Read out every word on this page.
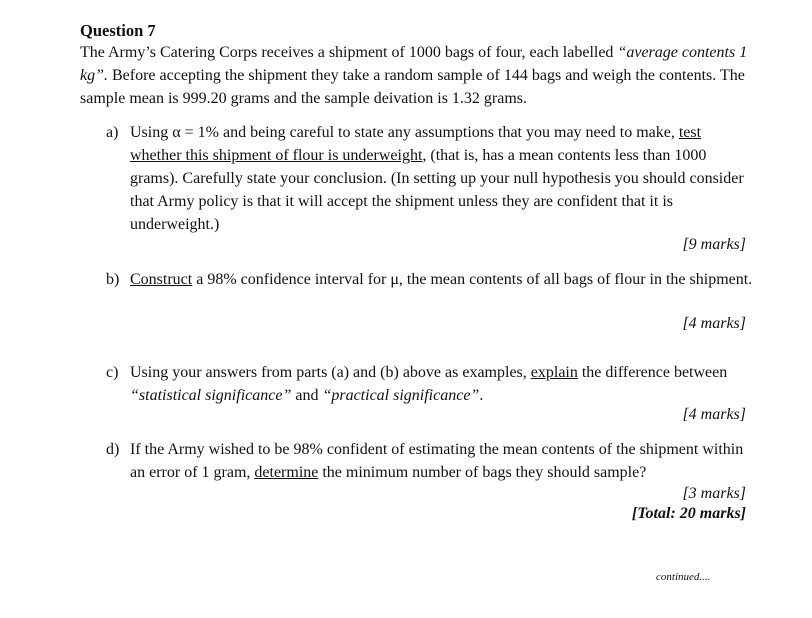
Question 7
The Army’s Catering Corps receives a shipment of 1000 bags of four, each labelled “average contents 1 kg”. Before accepting the shipment they take a random sample of 144 bags and weigh the contents. The sample mean is 999.20 grams and the sample deivation is 1.32 grams.
a) Using α = 1% and being careful to state any assumptions that you may need to make, test whether this shipment of flour is underweight, (that is, has a mean contents less than 1000 grams). Carefully state your conclusion. (In setting up your null hypothesis you should consider that Army policy is that it will accept the shipment unless they are confident that it is underweight.)
[9 marks]
b) Construct a 98% confidence interval for μ, the mean contents of all bags of flour in the shipment.
[4 marks]
c) Using your answers from parts (a) and (b) above as examples, explain the difference between “statistical significance” and “practical significance”.
[4 marks]
d) If the Army wished to be 98% confident of estimating the mean contents of the shipment within an error of 1 gram, determine the minimum number of bags they should sample?
[3 marks]
[Total: 20 marks]
continued....
